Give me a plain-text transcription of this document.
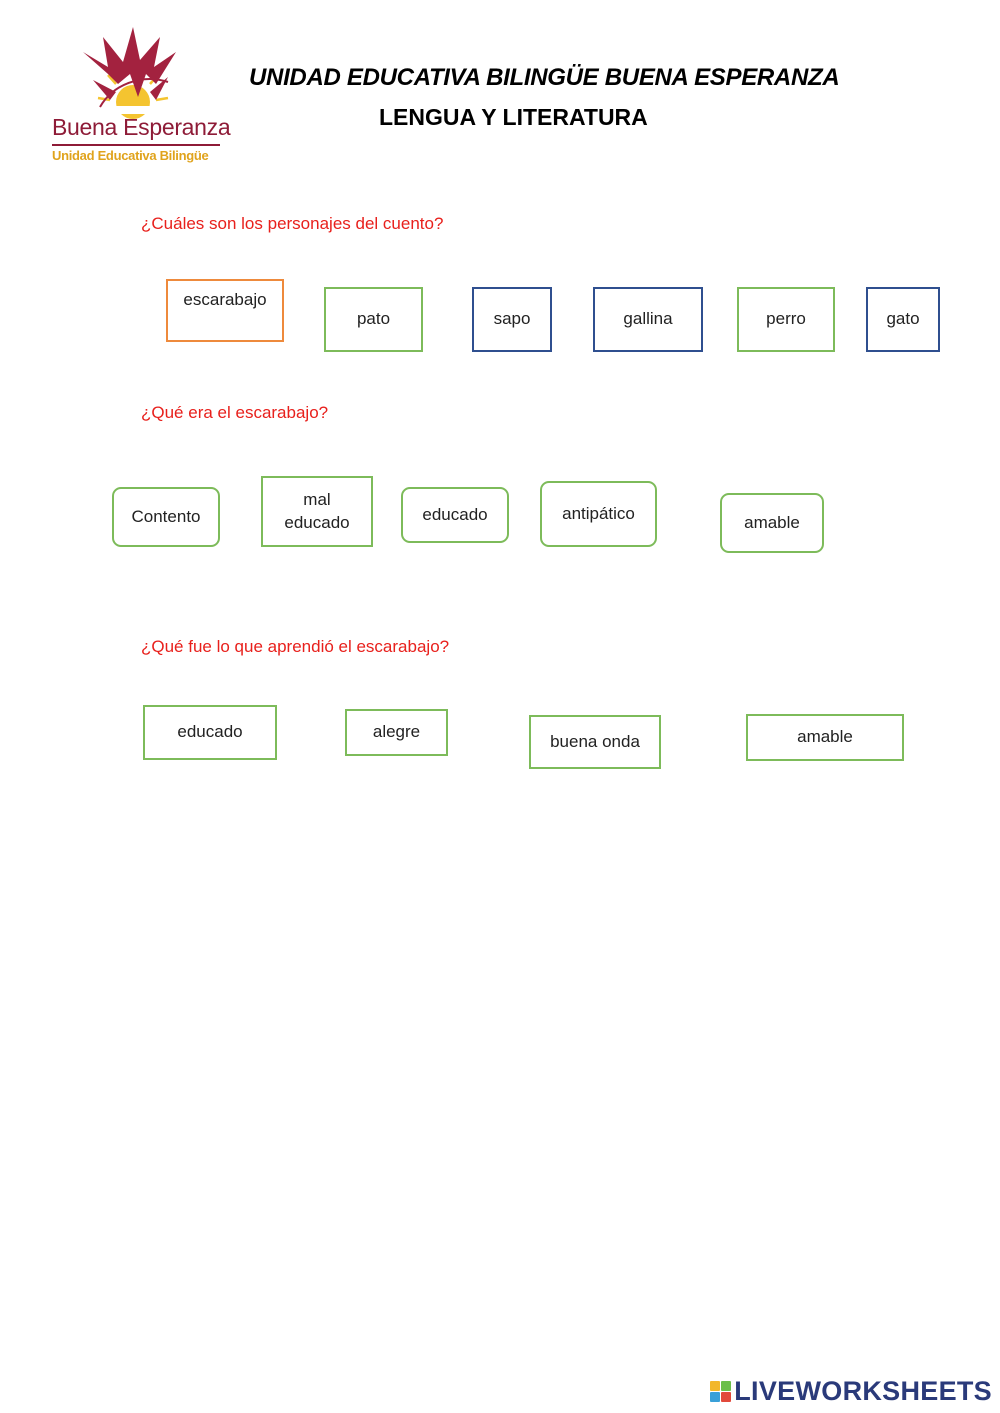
Buena Esperanza
Unidad Educativa Bilingüe
UNIDAD EDUCATIVA BILINGÜE BUENA ESPERANZA
LENGUA Y LITERATURA
¿Cuáles son los personajes del cuento?
escarabajo
pato	sapo	gallina	perro	gato
¿Qué era el escarabajo?
Contento
mal educado	educado	antipático	amable
¿Qué fue lo que aprendió el escarabajo?
educado	alegre	buena onda	amable
LIVEWORKSHEETS
